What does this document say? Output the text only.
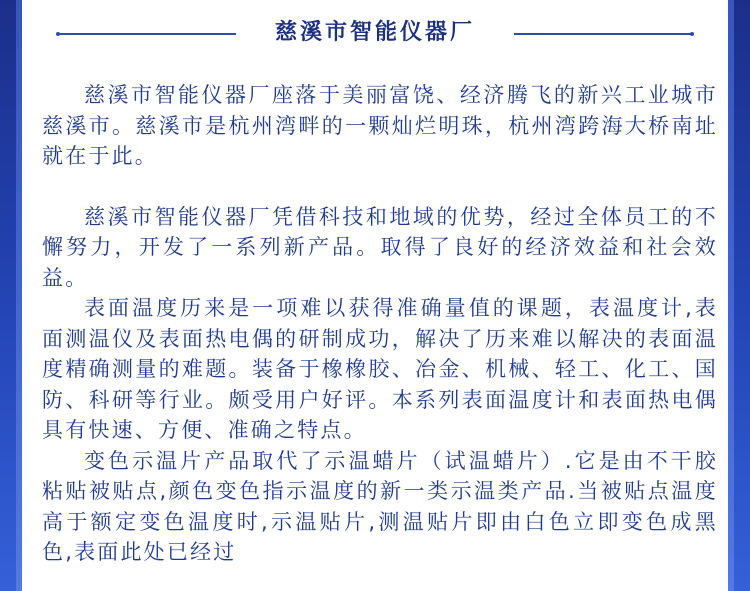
慈溪市智能仪器厂

慈溪市智能仪器厂座落于美丽富饶、经济腾飞的新兴工业城市慈溪市。慈溪市是杭州湾畔的一颗灿烂明珠，杭州湾跨海大桥南址就在于此。

慈溪市智能仪器厂凭借科技和地域的优势，经过全体员工的不懈努力，开发了一系列新产品。取得了良好的经济效益和社会效益。

表面温度历来是一项难以获得准确量值的课题，表温度计,表面测温仪及表面热电偶的研制成功，解决了历来难以解决的表面温度精确测量的难题。装备于橡橡胶、冶金、机械、轻工、化工、国防、科研等行业。颇受用户好评。本系列表面温度计和表面热电偶具有快速、方便、准确之特点。

变色示温片产品取代了示温蜡片（试温蜡片）.它是由不干胶粘贴被贴点,颜色变色指示温度的新一类示温类产品.当被贴点温度高于额定变色温度时,示温贴片,测温贴片即由白色立即变色成黑色,表面此处已经过
